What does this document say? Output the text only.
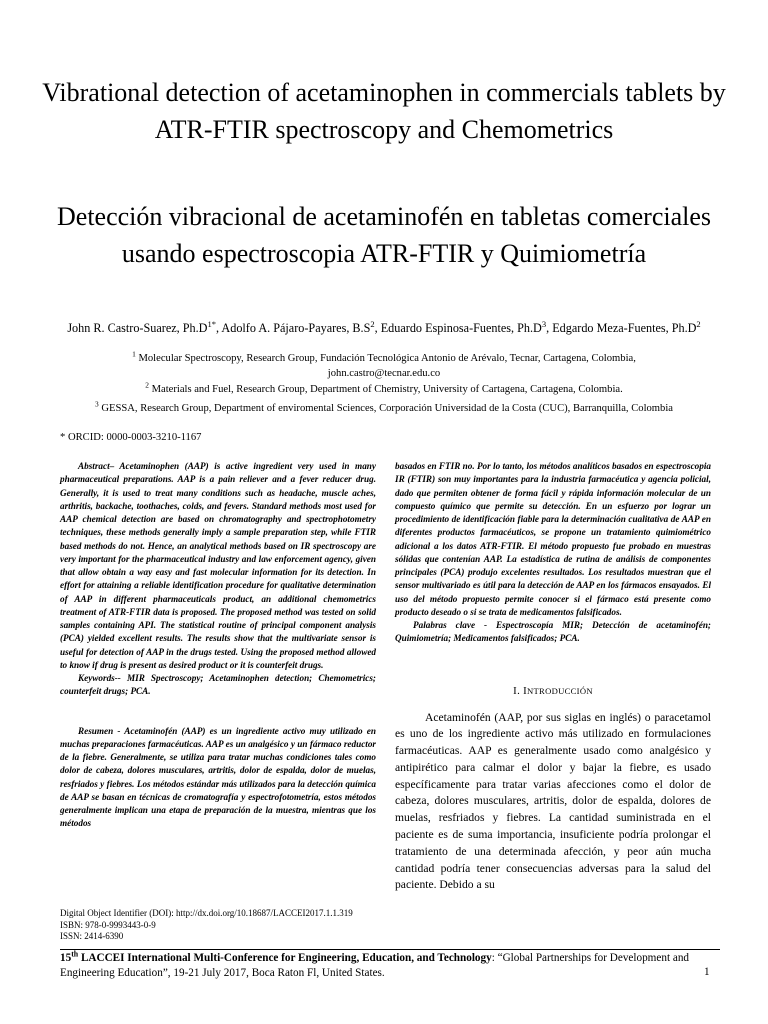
Vibrational detection of acetaminophen in commercials tablets by ATR-FTIR spectroscopy and Chemometrics
Detección vibracional de acetaminofén en tabletas comerciales usando espectroscopia ATR-FTIR y Quimiometría
John R. Castro-Suarez, $Ph.D^{1*}$, Adolfo A. Pájaro-Payares, $B.S^2$, Eduardo Espinosa-Fuentes, $Ph.D^3$, Edgardo Meza-Fuentes, $Ph.D^2$
$^1$ Molecular Spectroscopy, Research Group, Fundación Tecnológica Antonio de Arévalo, Tecnar, Cartagena, Colombia,
john.castro@tecnar.edu.co
$^2$ Materials and Fuel, Research Group, Department of Chemistry, University of Cartagena, Cartagena, Colombia.
$^3$ GESSA, Research Group, Department of enviromental Sciences, Corporación Universidad de la Costa (CUC), Barranquilla, Colombia
* ORCID: 0000-0003-3210-1167

Abstract– Acetaminophen (AAP) is active ingredient very used in many pharmaceutical preparations. AAP is a pain reliever and a fever reducer drug. Generally, it is used to treat many conditions such as headache, muscle aches, arthritis, backache, toothaches, colds, and fevers. Standard methods most used for AAP chemical detection are based on chromatography and spectrophotometry techniques, these methods generally imply a sample preparation step, while FTIR based methods do not. Hence, an analytical methods based on IR spectroscopy are very important for the pharmaceutical industry and law enforcement agency, given that allow obtain a way easy and fast molecular information for its detection. In effort for attaining a reliable identification procedure for qualitative determination of AAP in different pharmaceuticals product, an additional chemometrics treatment of ATR-FTIR data is proposed. The proposed method was tested on solid samples containing API. The statistical routine of principal component analysis (PCA) yielded excellent results. The results show that the multivariate sensor is useful for detection of AAP in the drugs tested. Using the proposed method allowed to know if drug is present as desired product or it is counterfeit drugs.

Keywords-- MIR Spectroscopy; Acetaminophen detection; Chemometrics; counterfeit drugs; PCA.

Resumen - Acetaminofén (AAP) es un ingrediente activo muy utilizado en muchas preparaciones farmacéuticas. AAP es un analgésico y un fármaco reductor de la fiebre. Generalmente, se utiliza para tratar muchas condiciones tales como dolor de cabeza, dolores musculares, artritis, dolor de espalda, dolor de muelas, resfriados y fiebres. Los métodos estándar más utilizados para la detección química de AAP se basan en técnicas de cromatografía y espectrofotometría, estos métodos generalmente implican una etapa de preparación de la muestra, mientras que los métodos

basados en FTIR no. Por lo tanto, los métodos analíticos basados en espectroscopia IR (FTIR) son muy importantes para la industria farmacéutica y agencia policial, dado que permiten obtener de forma fácil y rápida información molecular de un compuesto químico que permite su detección. En un esfuerzo por lograr un procedimiento de identificación fiable para la determinación cualitativa de AAP en diferentes productos farmacéuticos, se propone un tratamiento quimiométrico adicional a los datos ATR-FTIR. El método propuesto fue probado en muestras sólidas que contenían AAP. La estadística de rutina de análisis de componentes principales (PCA) produjo excelentes resultados. Los resultados muestran que el sensor multivariado es útil para la detección de AAP en los fármacos ensayados. El uso del método propuesto permite conocer si el fármaco está presente como producto deseado o si se trata de medicamentos falsificados.

Palabras clave - Espectroscopía MIR; Detección de acetaminofén; Quimiometría; Medicamentos falsificados; PCA.

I. INTRODUCCIÓN

Acetaminofén (AAP, por sus siglas en inglés) o paracetamol es uno de los ingrediente activo más utilizado en formulaciones farmacéuticas. AAP es generalmente usado como analgésico y antipirético para calmar el dolor y bajar la fiebre, es usado específicamente para tratar varias afecciones como el dolor de cabeza, dolores musculares, artritis, dolor de espalda, dolores de muelas, resfriados y fiebres. La cantidad suministrada en el paciente es de suma importancia, insuficiente podría prolongar el tratamiento de una determinada afección, y peor aún mucha cantidad podría tener consecuencias adversas para la salud del paciente. Debido a su

Digital Object Identifier (DOI): http://dx.doi.org/10.18687/LACCEI2017.1.1.319
ISBN: 978-0-9993443-0-9
ISSN: 2414-6390
15th LACCEI International Multi-Conference for Engineering, Education, and Technology: “Global Partnerships for Development and Engineering Education”, 19-21 July 2017, Boca Raton Fl, United States.	1
